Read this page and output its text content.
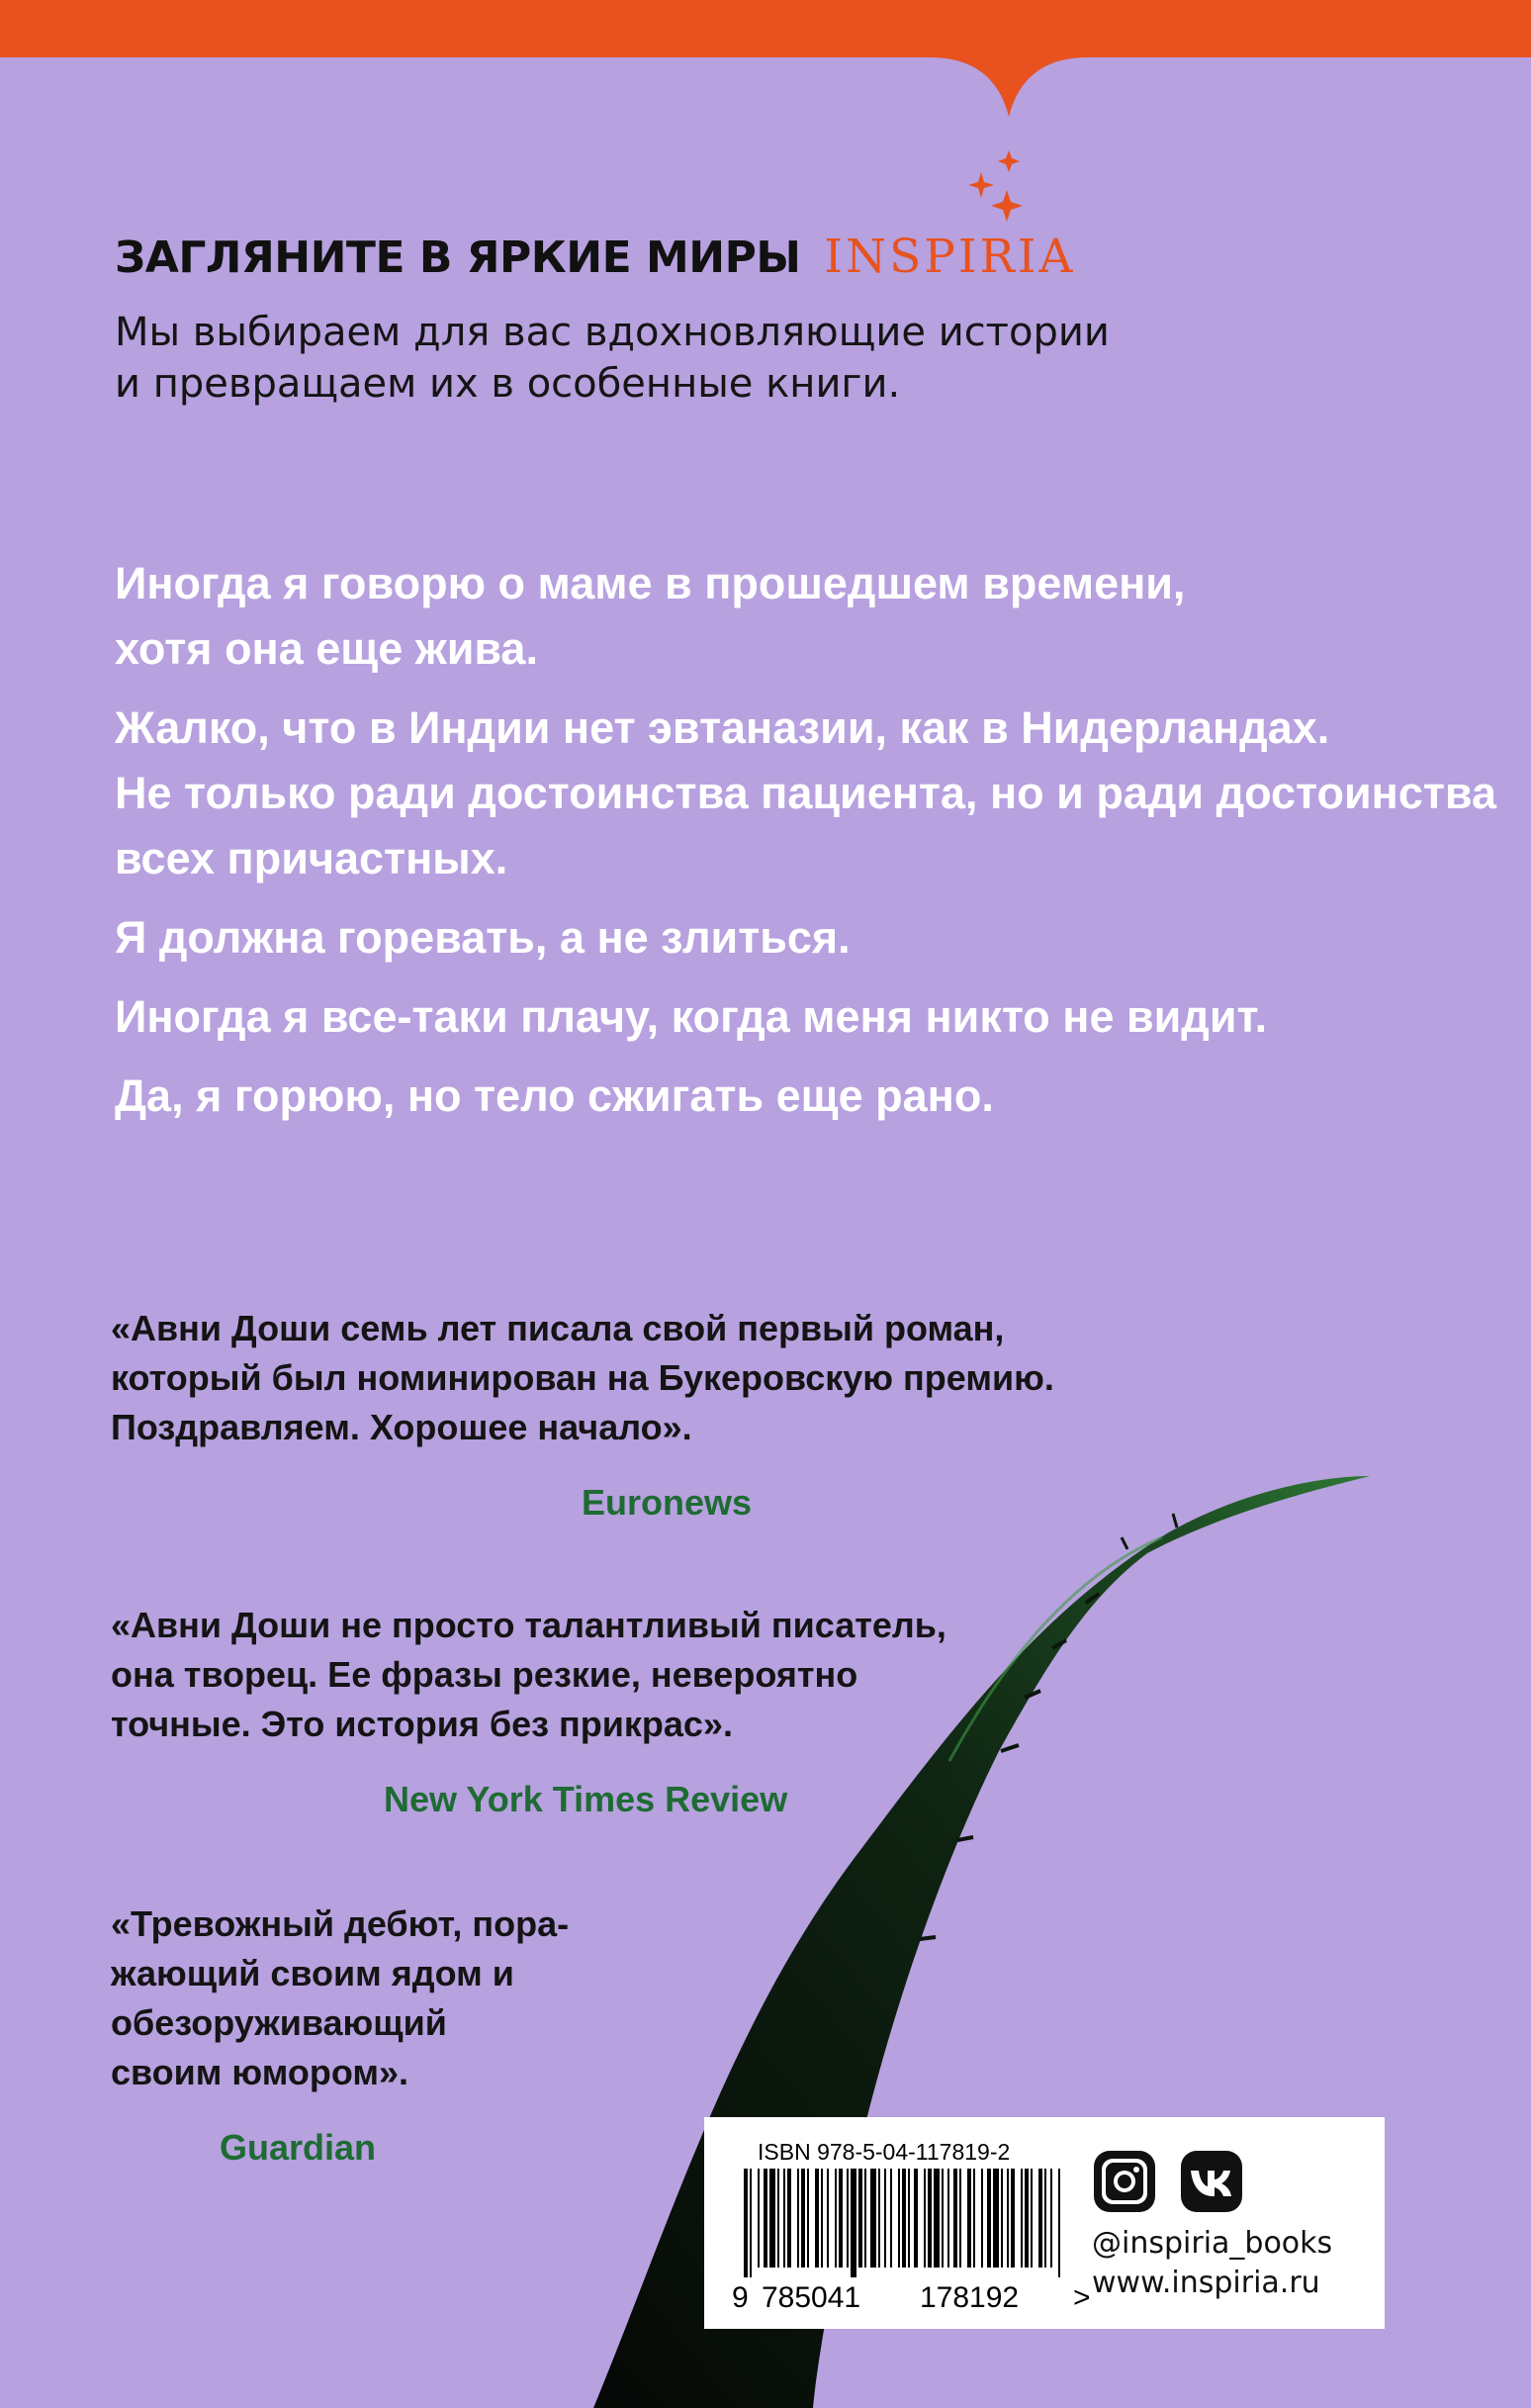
ЗАГЛЯНИТЕ В ЯРКИЕ МИРЫ INSPIRIA
Мы выбираем для вас вдохновляющие истории
и превращаем их в особенные книги.
Иногда я говорю о маме в прошедшем времени,
хотя она еще жива.
Жалко, что в Индии нет эвтаназии, как в Нидерландах.
Не только ради достоинства пациента, но и ради достоинства
всех причастных.
Я должна горевать, а не злиться.
Иногда я все-таки плачу, когда меня никто не видит.
Да, я горюю, но тело сжигать еще рано.
«Авни Доши семь лет писала свой первый роман,
который был номинирован на Букеровскую премию.
Поздравляем. Хорошее начало».
Euronews
«Авни Доши не просто талантливый писатель,
она творец. Ее фразы резкие, невероятно
точные. Это история без прикрас».
New York Times Review
«Тревожный дебют, пора-
жающий своим ядом и
обезоруживающий
своим юмором».
Guardian	ISBN 978-5-04-117819-2
9 785041 178192 >
@inspiria_books
www.inspiria.ru
